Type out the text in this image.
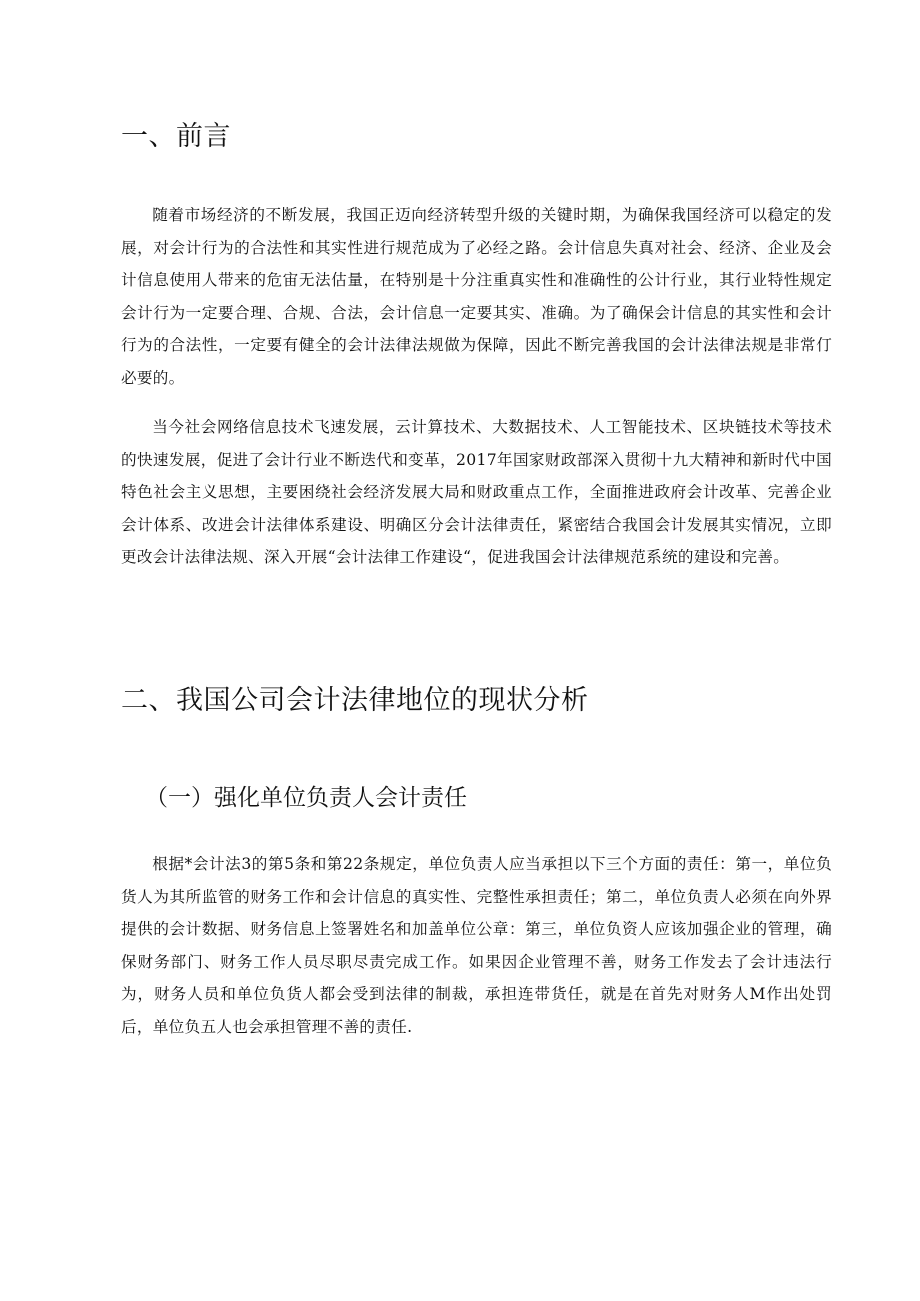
一、前言

随着市场经济的不断发展，我国正迈向经济转型升级的关键时期，为确保我国经济可以稳定的发展，对会计行为的合法性和其实性进行规范成为了必经之路。会计信息失真对社会、经济、企业及会计信息使用人带来的危宙无法估量，在特别是十分注重真实性和准确性的公计行业，其行业特性规定会计行为一定要合理、合规、合法，会计信息一定要其实、准确。为了确保会计信息的其实性和会计行为的合法性，一定要有健全的会计法律法规做为保障，因此不断完善我国的会计法律法规是非常仃必要的。

当今社会网络信息技术飞速发展，云计算技术、大数据技术、人工智能技术、区块链技术等技术的快速发展，促进了会计行业不断迭代和变革，2017年国家财政部深入贯彻十九大精神和新时代中国特色社会主义思想，主要困绕社会经济发展大局和财政重点工作，全面推进政府会计改革、完善企业会计体系、改进会计法律体系建设、明确区分会计法律责任，紧密结合我国会计发展其实情况，立即更改会计法律法规、深入开展“会计法律工作建设“，促进我国会计法律规范系统的建设和完善。

二、我国公司会计法律地位的现状分析
（一）强化单位负责人会计责任

根据*会计法3的第5条和第22条规定，单位负责人应当承担以下三个方面的责任：第一，单位负货人为其所监管的财务工作和会计信息的真实性、完整性承担责任；第二，单位负责人必须在向外界提供的会计数据、财务信息上签署姓名和加盖单位公章：第三，单位负资人应该加强企业的管理，确保财务部门、财务工作人员尽职尽责完成工作。如果因企业管理不善，财务工作发去了会计违法行为，财务人员和单位负货人都会受到法律的制裁，承担连带货任，就是在首先对财务人M作出处罚后，单位负五人也会承担管理不善的责任.
